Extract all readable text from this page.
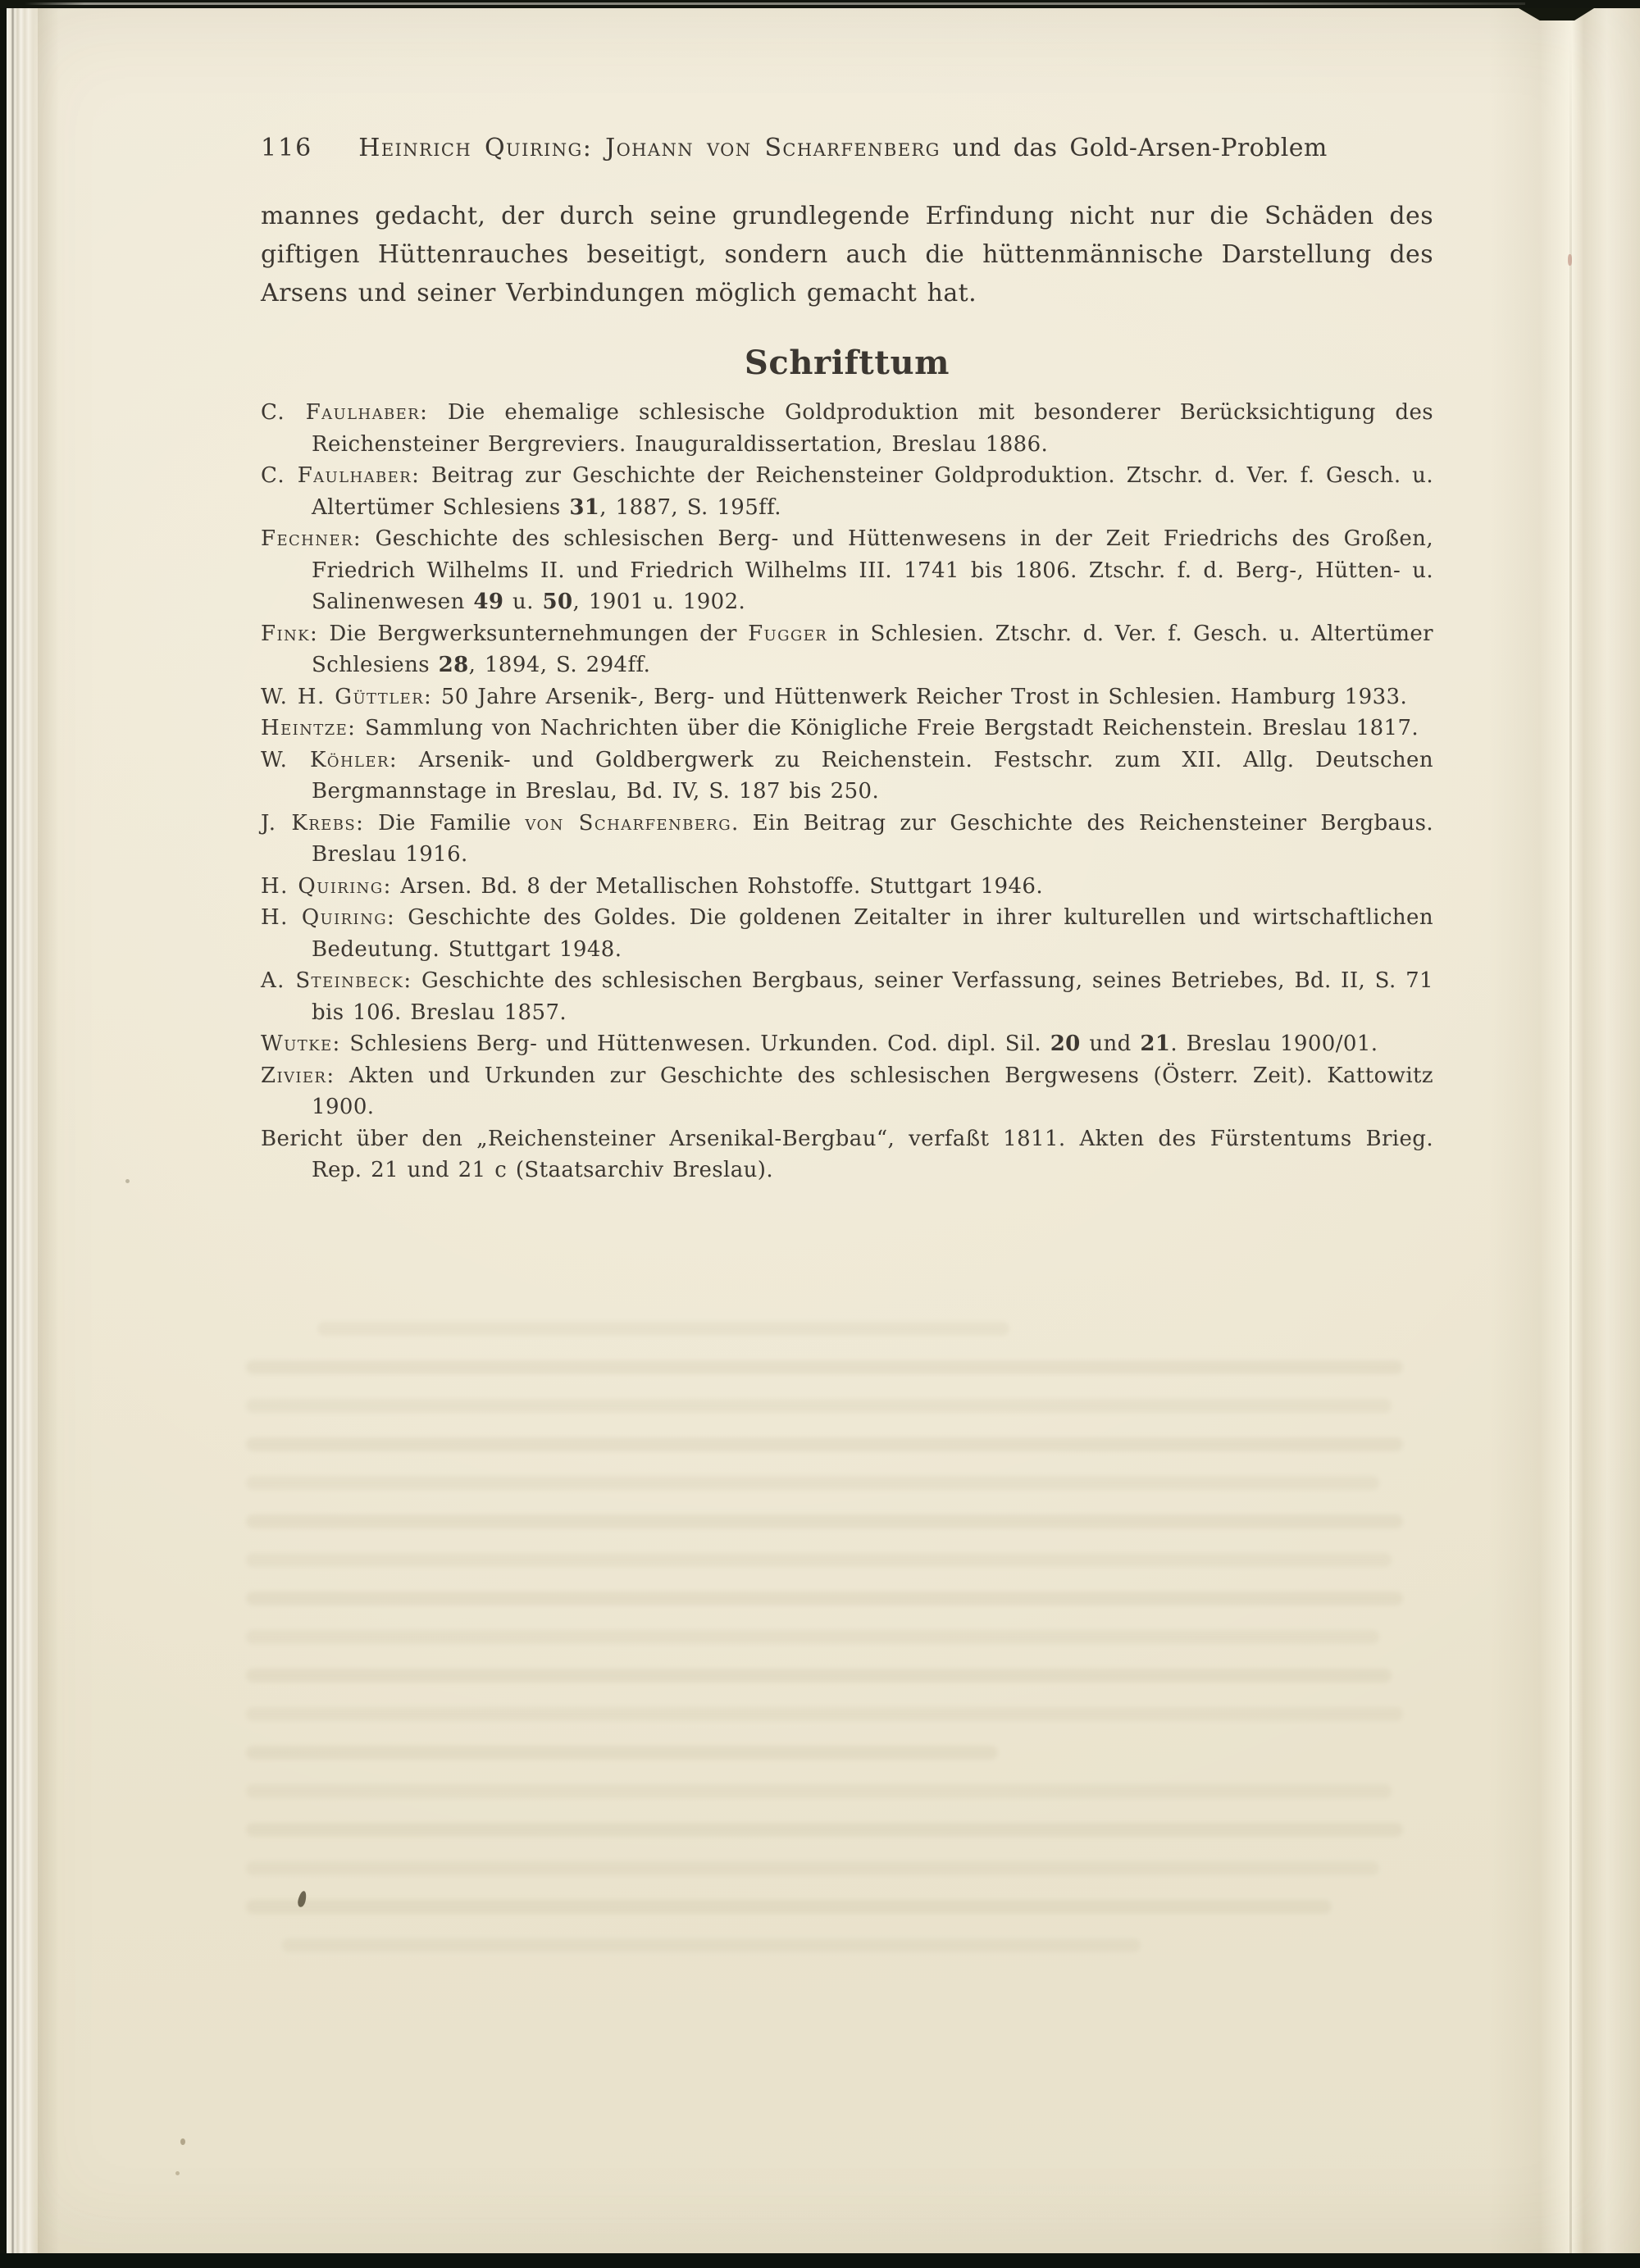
116 Heinrich Quiring: Johann von Scharfenberg und das Gold-Arsen-Problem

mannes gedacht, der durch seine grundlegende Erfindung nicht nur die Schäden des giftigen Hüttenrauches beseitigt, sondern auch die hüttenmännische Darstellung des Arsens und seiner Verbindungen möglich gemacht hat.

Schrifttum

C. Faulhaber: Die ehemalige schlesische Goldproduktion mit besonderer Berücksichtigung des Reichensteiner Bergreviers. Inauguraldissertation, Breslau 1886.

C. Faulhaber: Beitrag zur Geschichte der Reichensteiner Goldproduktion. Ztschr. d. Ver. f. Gesch. u. Altertümer Schlesiens 31, 1887, S. 195ff.

Fechner: Geschichte des schlesischen Berg- und Hüttenwesens in der Zeit Friedrichs des Großen, Friedrich Wilhelms II. und Friedrich Wilhelms III. 1741 bis 1806. Ztschr. f. d. Berg-, Hütten- u. Salinenwesen 49 u. 50, 1901 u. 1902.

Fink: Die Bergwerksunternehmungen der Fugger in Schlesien. Ztschr. d. Ver. f. Gesch. u. Altertümer Schlesiens 28, 1894, S. 294ff.

W. H. Güttler: 50 Jahre Arsenik-, Berg- und Hüttenwerk Reicher Trost in Schlesien. Hamburg 1933.

Heintze: Sammlung von Nachrichten über die Königliche Freie Bergstadt Reichenstein. Breslau 1817.

W. Köhler: Arsenik- und Goldbergwerk zu Reichenstein. Festschr. zum XII. Allg. Deutschen Bergmannstage in Breslau, Bd. IV, S. 187 bis 250.

J. Krebs: Die Familie von Scharfenberg. Ein Beitrag zur Geschichte des Reichensteiner Bergbaus. Breslau 1916.

H. Quiring: Arsen. Bd. 8 der Metallischen Rohstoffe. Stuttgart 1946.

H. Quiring: Geschichte des Goldes. Die goldenen Zeitalter in ihrer kulturellen und wirtschaftlichen Bedeutung. Stuttgart 1948.

A. Steinbeck: Geschichte des schlesischen Bergbaus, seiner Verfassung, seines Betriebes, Bd. II, S. 71 bis 106. Breslau 1857.

Wutke: Schlesiens Berg- und Hüttenwesen. Urkunden. Cod. dipl. Sil. 20 und 21. Breslau 1900/01.

Zivier: Akten und Urkunden zur Geschichte des schlesischen Bergwesens (Österr. Zeit). Kattowitz 1900.

Bericht über den „Reichensteiner Arsenikal-Bergbau“, verfaßt 1811. Akten des Fürstentums Brieg. Rep. 21 und 21 c (Staatsarchiv Breslau).
